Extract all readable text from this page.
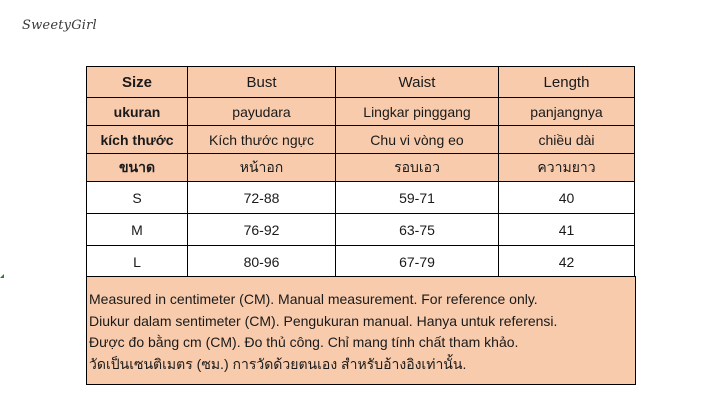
SweetyGirl
Size	Bust	Waist	Length
ukuran	payudara	Lingkar pinggang	panjangnya
kích thước	Kích thước ngực	Chu vi vòng eo	chiều dài
ขนาด	หน้าอก	รอบเอว	ความยาว
S	72-88	59-71	40
M	76-92	63-75	41
L	80-96	67-79	42
Measured in centimeter (CM). Manual measurement. For reference only.
Diukur dalam sentimeter (CM). Pengukuran manual. Hanya untuk referensi.
Được đo bằng cm (CM). Đo thủ công. Chỉ mang tính chất tham khảo.
วัดเป็นเซนติเมตร (ซม.) การวัดด้วยตนเอง สำหรับอ้างอิงเท่านั้น.
